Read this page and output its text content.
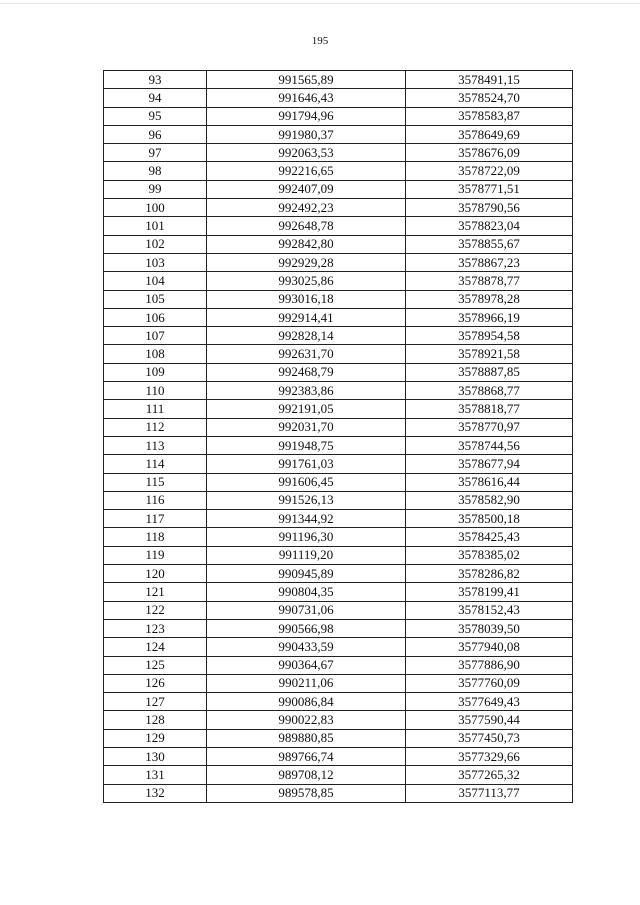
195
93	991565,89	3578491,15
94	991646,43	3578524,70
95	991794,96	3578583,87
96	991980,37	3578649,69
97	992063,53	3578676,09
98	992216,65	3578722,09
99	992407,09	3578771,51
100	992492,23	3578790,56
101	992648,78	3578823,04
102	992842,80	3578855,67
103	992929,28	3578867,23
104	993025,86	3578878,77
105	993016,18	3578978,28
106	992914,41	3578966,19
107	992828,14	3578954,58
108	992631,70	3578921,58
109	992468,79	3578887,85
110	992383,86	3578868,77
111	992191,05	3578818,77
112	992031,70	3578770,97
113	991948,75	3578744,56
114	991761,03	3578677,94
115	991606,45	3578616,44
116	991526,13	3578582,90
117	991344,92	3578500,18
118	991196,30	3578425,43
119	991119,20	3578385,02
120	990945,89	3578286,82
121	990804,35	3578199,41
122	990731,06	3578152,43
123	990566,98	3578039,50
124	990433,59	3577940,08
125	990364,67	3577886,90
126	990211,06	3577760,09
127	990086,84	3577649,43
128	990022,83	3577590,44
129	989880,85	3577450,73
130	989766,74	3577329,66
131	989708,12	3577265,32
132	989578,85	3577113,77
